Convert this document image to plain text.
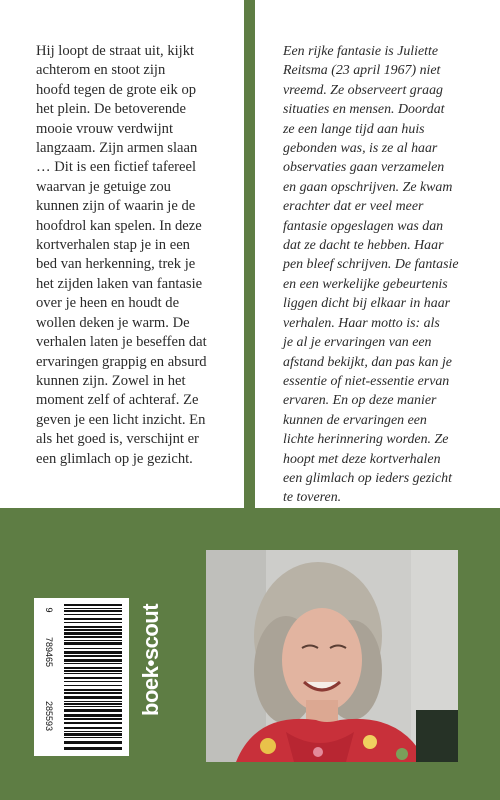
Hij loopt de straat uit, kijkt
achterom en stoot zijn
hoofd tegen de grote eik op
het plein. De betoverende
mooie vrouw verdwijnt
langzaam. Zijn armen slaan
… Dit is een fictief tafereel
waarvan je getuige zou
kunnen zijn of waarin je de
hoofdrol kan spelen. In deze
kortverhalen stap je in een
bed van herkenning, trek je
het zijden laken van fantasie
over je heen en houdt de
wollen deken je warm. De
verhalen laten je beseffen dat
ervaringen grappig en absurd
kunnen zijn. Zowel in het
moment zelf of achteraf. Ze
geven je een licht inzicht. En
als het goed is, verschijnt er
een glimlach op je gezicht.

Een rijke fantasie is Juliette
Reitsma (23 april 1967) niet
vreemd. Ze observeert graag
situaties en mensen. Doordat
ze een lange tijd aan huis
gebonden was, is ze al haar
observaties gaan verzamelen
en gaan opschrijven. Ze kwam
erachter dat er veel meer
fantasie opgeslagen was dan
dat ze dacht te hebben. Haar
pen bleef schrijven. De fantasie
en een werkelijke gebeurtenis
liggen dicht bij elkaar in haar
verhalen. Haar motto is: als
je al je ervaringen van een
afstand bekijkt, dan pas kan je
essentie of niet-essentie ervan
ervaren. En op deze manier
kunnen de ervaringen een
lichte herinnering worden. Ze
hoopt met deze kortverhalen
een glimlach op ieders gezicht
te toveren.

9
789465
285593	boek•scout
